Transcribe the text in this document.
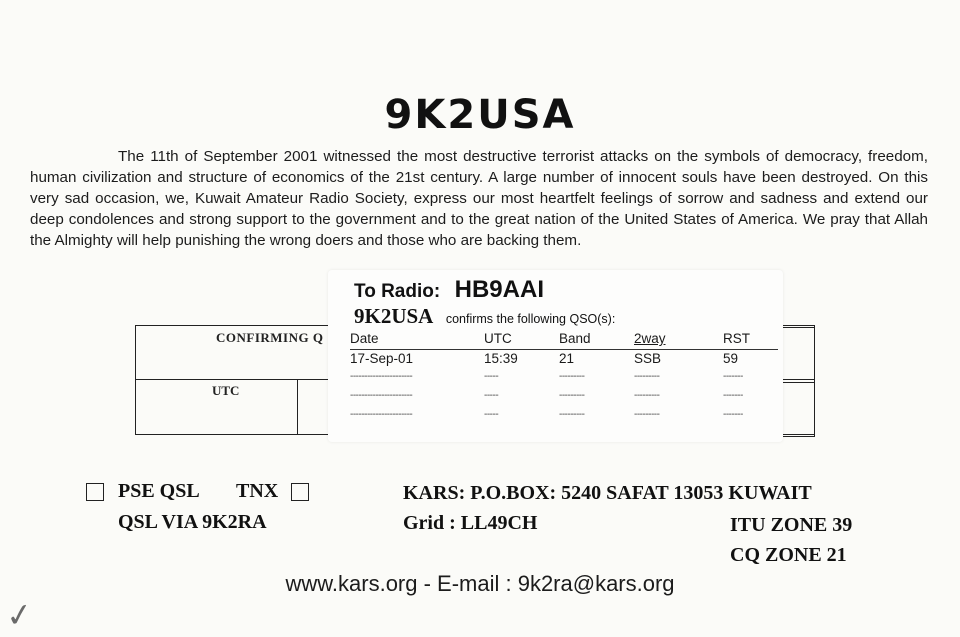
9K2USA
The 11th of September 2001 witnessed the most destructive terrorist attacks on the symbols of democracy, freedom, human civilization and structure of economics of the 21st century. A large number of innocent souls have been destroyed. On this very sad occasion, we, Kuwait Amateur Radio Society, express our most heartfelt feelings of sorrow and sadness and extend our deep condolences and strong support to the government and to the great nation of the United States of America. We pray that Allah the Almighty will help punishing the wrong doers and those who are backing them.
CONFIRMING Q
UTC
To Radio: HB9AAI
9K2USA confirms the following QSO(s):
Date	UTC	Band	2way	RST
17-Sep-01	15:39	21	SSB	59
----------------------	-----	---------	---------	-------
----------------------	-----	---------	---------	-------
----------------------	-----	---------	---------	-------
PSE QSL TNX
QSL VIA 9K2RA
KARS: P.O.BOX: 5240 SAFAT 13053 KUWAIT
Grid : LL49CH	ITU ZONE 39
CQ ZONE 21
www.kars.org - E-mail : 9k2ra@kars.org
✓
